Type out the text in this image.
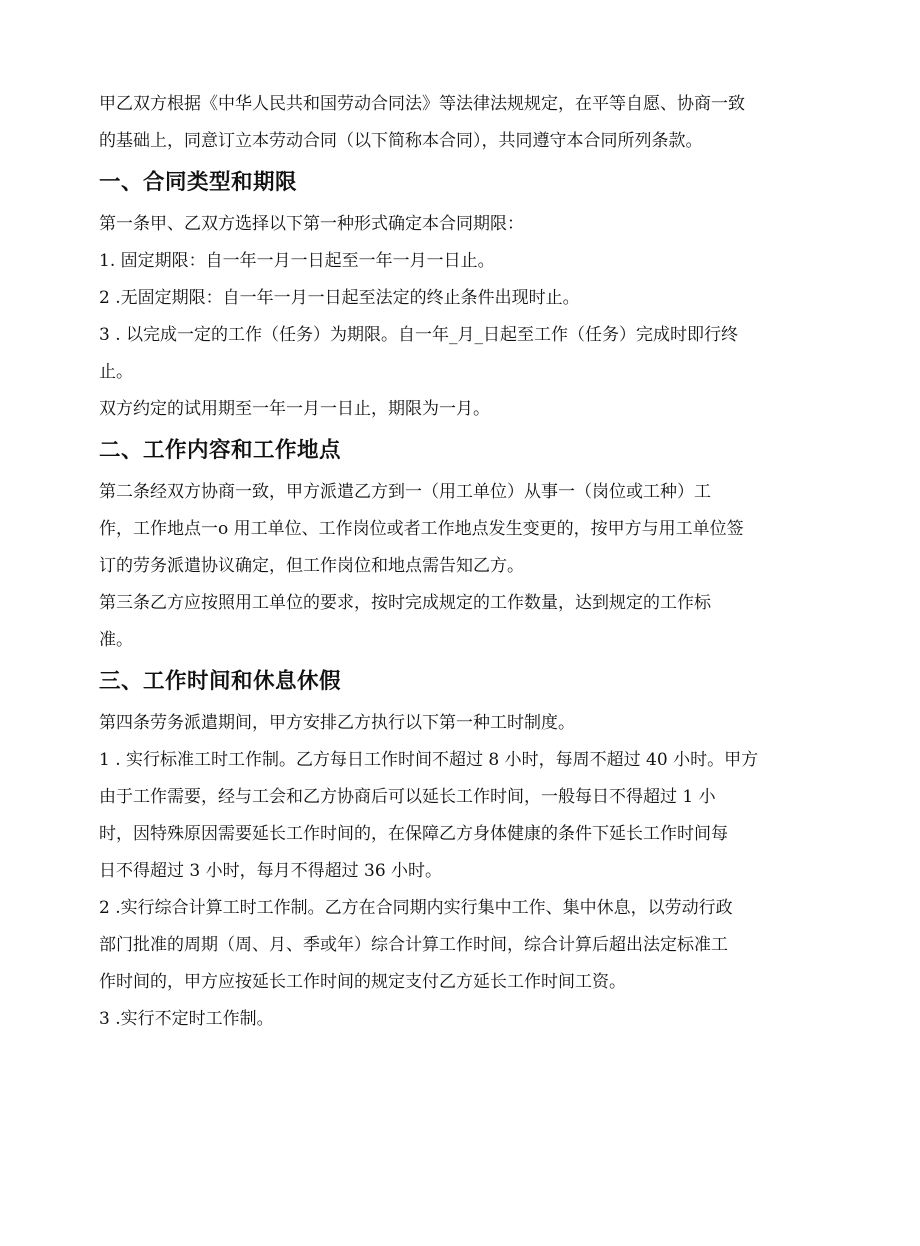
甲乙双方根据《中华人民共和国劳动合同法》等法律法规规定，在平等自愿、协商一致

的基础上，同意订立本劳动合同（以下简称本合同），共同遵守本合同所列条款。

一、合同类型和期限

第一条甲、乙双方选择以下第一种形式确定本合同期限：

1. 固定期限：自一年一月一日起至一年一月一日止。

2 .无固定期限：自一年一月一日起至法定的终止条件出现时止。

3 . 以完成一定的工作（任务）为期限。自一年_月_日起至工作（任务）完成时即行终

止。

双方约定的试用期至一年一月一日止，期限为一月。

二、工作内容和工作地点

第二条经双方协商一致，甲方派遣乙方到一（用工单位）从事一（岗位或工种）工

作，工作地点一o 用工单位、工作岗位或者工作地点发生变更的，按甲方与用工单位签

订的劳务派遣协议确定，但工作岗位和地点需告知乙方。

第三条乙方应按照用工单位的要求，按时完成规定的工作数量，达到规定的工作标

准。

三、工作时间和休息休假

第四条劳务派遣期间，甲方安排乙方执行以下第一种工时制度。

1 . 实行标准工时工作制。乙方每日工作时间不超过 8 小时，每周不超过 40 小时。甲方

由于工作需要，经与工会和乙方协商后可以延长工作时间，一般每日不得超过 1 小

时，因特殊原因需要延长工作时间的，在保障乙方身体健康的条件下延长工作时间每

日不得超过 3 小时，每月不得超过 36 小时。

2 .实行综合计算工时工作制。乙方在合同期内实行集中工作、集中休息，以劳动行政

部门批准的周期（周、月、季或年）综合计算工作时间，综合计算后超出法定标准工

作时间的，甲方应按延长工作时间的规定支付乙方延长工作时间工资。

3 .实行不定时工作制。
